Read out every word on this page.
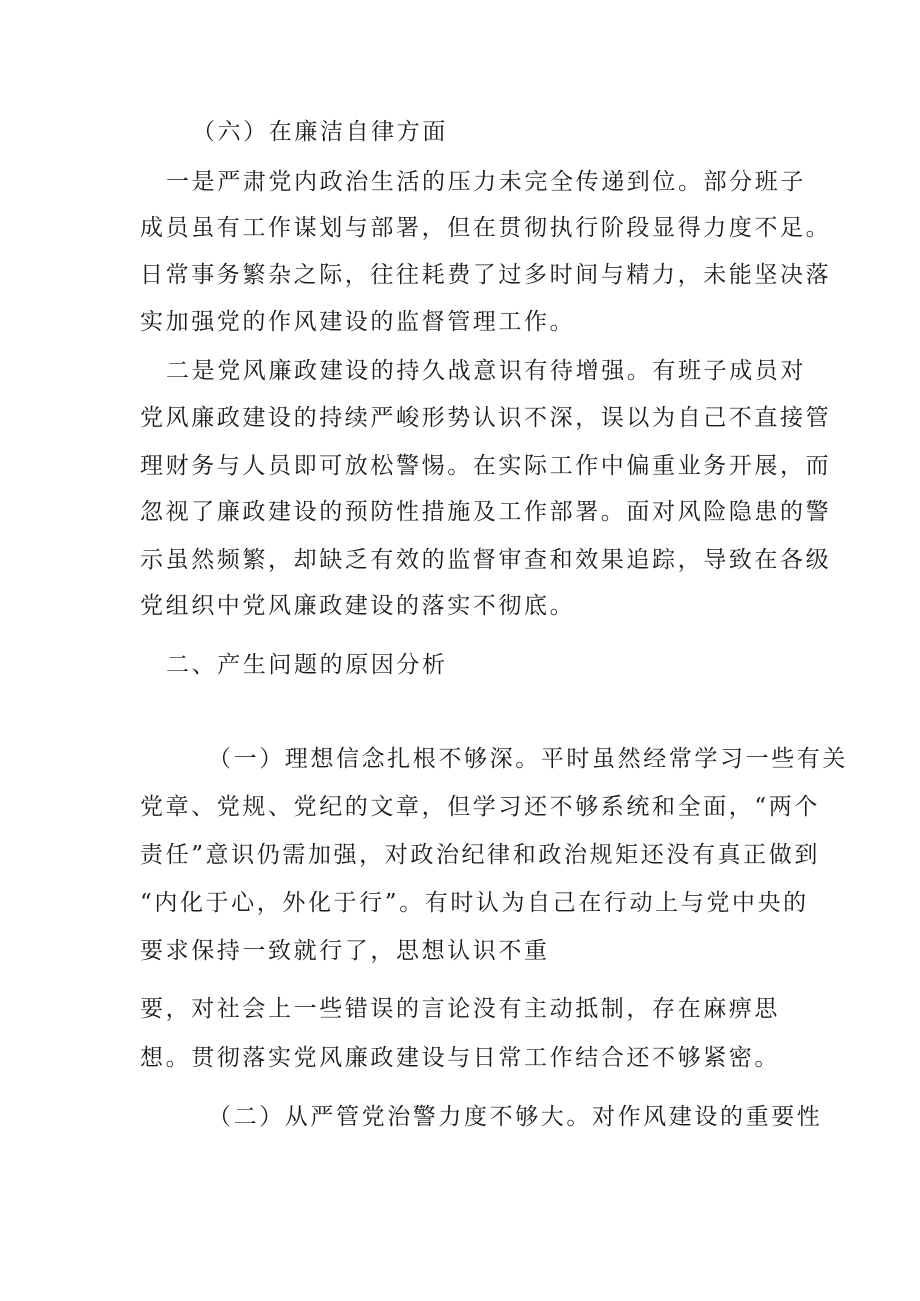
（六）在廉洁自律方面
一是严肃党内政治生活的压力未完全传递到位。部分班子
成员虽有工作谋划与部署，但在贯彻执行阶段显得力度不足。
日常事务繁杂之际，往往耗费了过多时间与精力，未能坚决落
实加强党的作风建设的监督管理工作。
二是党风廉政建设的持久战意识有待增强。有班子成员对
党风廉政建设的持续严峻形势认识不深，误以为自己不直接管
理财务与人员即可放松警惕。在实际工作中偏重业务开展，而
忽视了廉政建设的预防性措施及工作部署。面对风险隐患的警
示虽然频繁，却缺乏有效的监督审查和效果追踪，导致在各级
党组织中党风廉政建设的落实不彻底。
二、产生问题的原因分析
（一）理想信念扎根不够深。平时虽然经常学习一些有关
党章、党规、党纪的文章，但学习还不够系统和全面，“两个
责任”意识仍需加强，对政治纪律和政治规矩还没有真正做到
“内化于心，外化于行”。有时认为自己在行动上与党中央的
要求保持一致就行了，思想认识不重
要，对社会上一些错误的言论没有主动抵制，存在麻痹思
想。贯彻落实党风廉政建设与日常工作结合还不够紧密。
（二）从严管党治警力度不够大。对作风建设的重要性
